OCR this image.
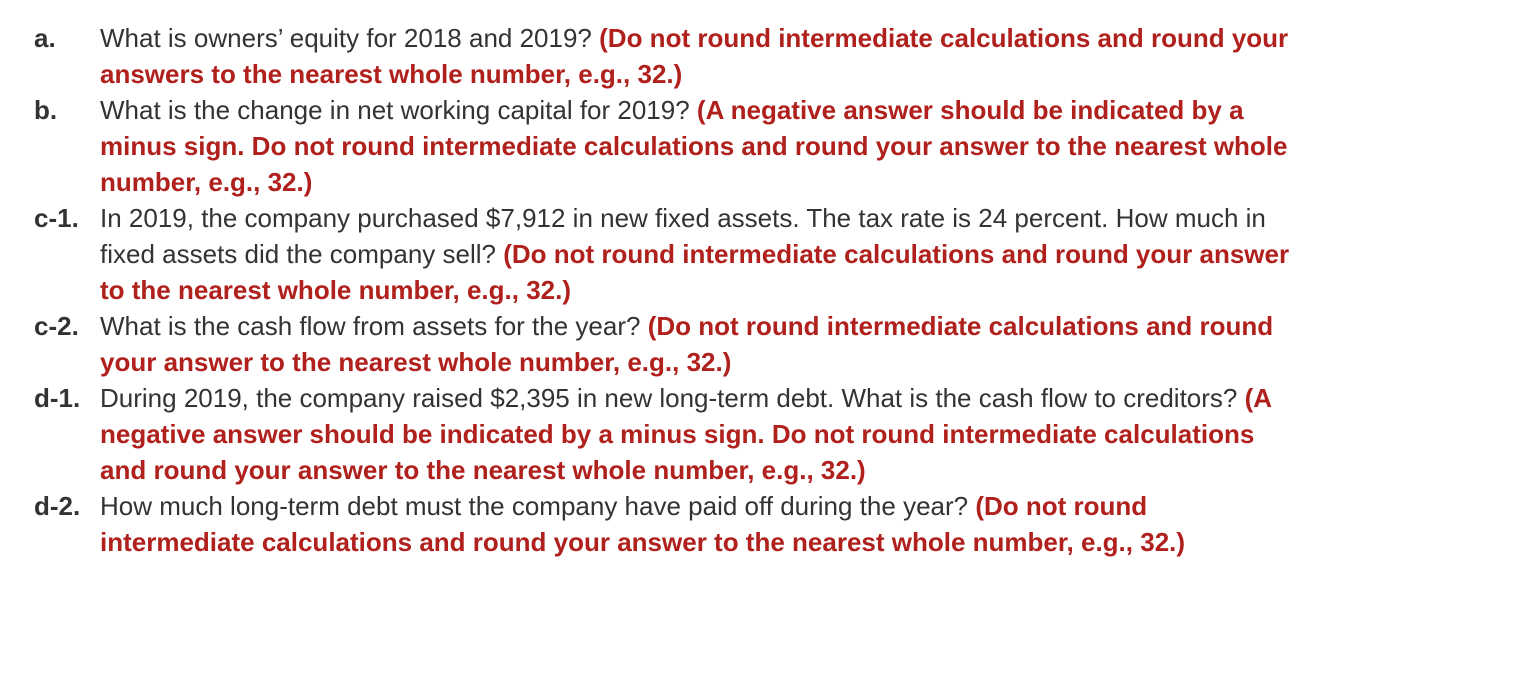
a.	What is owners’ equity for 2018 and 2019? (Do not round intermediate calculations and round your answers to the nearest whole number, e.g., 32.)
b.	What is the change in net working capital for 2019? (A negative answer should be indicated by a minus sign. Do not round intermediate calculations and round your answer to the nearest whole number, e.g., 32.)
c-1. In 2019, the company purchased $7,912 in new fixed assets. The tax rate is 24 percent. How much in fixed assets did the company sell? (Do not round intermediate calculations and round your answer to the nearest whole number, e.g., 32.)
c-2. What is the cash flow from assets for the year? (Do not round intermediate calculations and round your answer to the nearest whole number, e.g., 32.)
d-1. During 2019, the company raised $2,395 in new long-term debt. What is the cash flow to creditors? (A negative answer should be indicated by a minus sign. Do not round intermediate calculations and round your answer to the nearest whole number, e.g., 32.)
d-2. How much long-term debt must the company have paid off during the year? (Do not round intermediate calculations and round your answer to the nearest whole number, e.g., 32.)
